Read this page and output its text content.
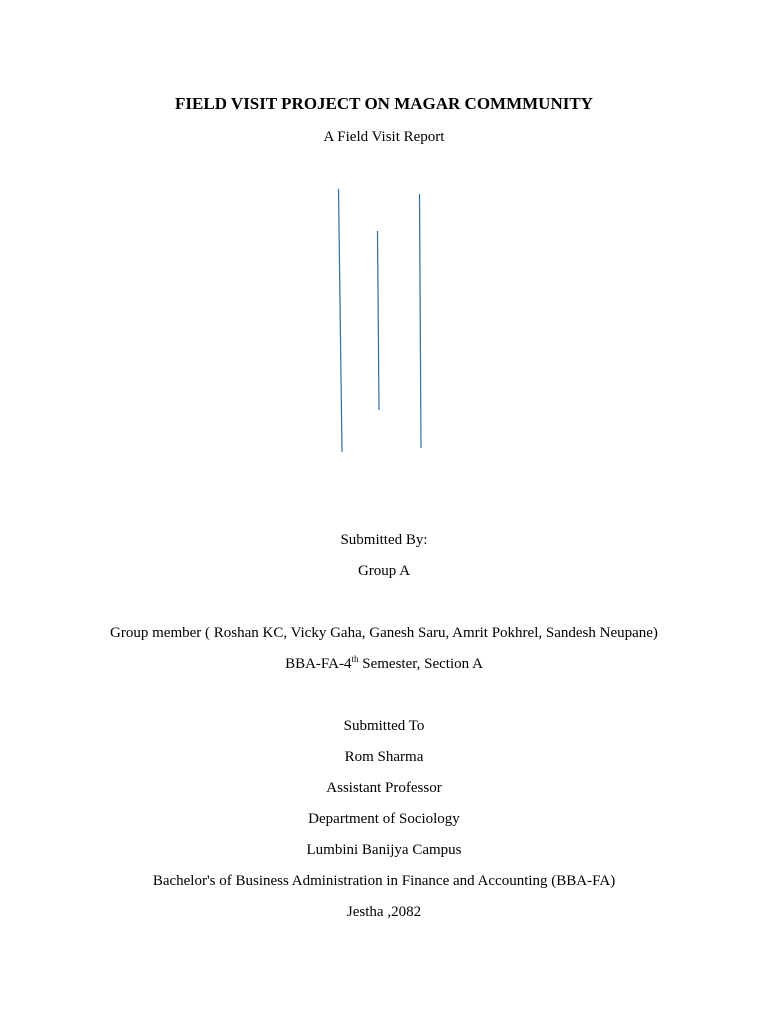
FIELD VISIT PROJECT ON MAGAR COMMMUNITY
A Field Visit Report
Submitted By:
Group A
Group member ( Roshan KC, Vicky Gaha, Ganesh Saru, Amrit Pokhrel, Sandesh Neupane)
BBA-FA-4th Semester, Section A
Submitted To
Rom Sharma
Assistant Professor
Department of Sociology
Lumbini Banijya Campus
Bachelor's of Business Administration in Finance and Accounting (BBA-FA)
Jestha ,2082
